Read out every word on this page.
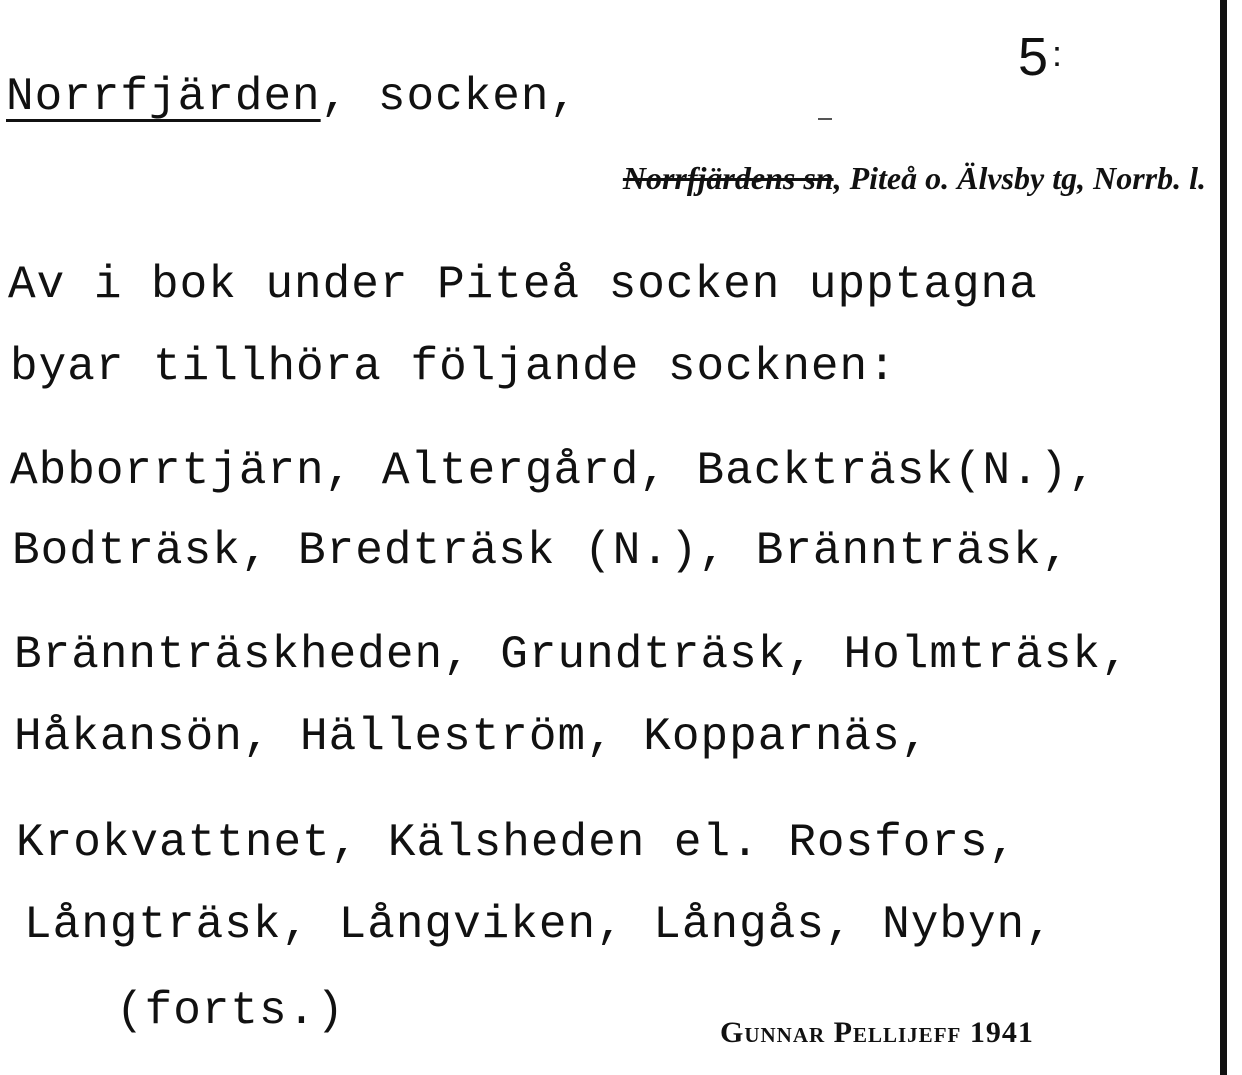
Norrfjärden, socken,
5 :
Norrfjärdens sn, Piteå o. Älvsby tg, Norrb. l.
Av i bok under Piteå socken upptagna
byar tillhöra följande socknen:
Abborrtjärn, Altergård, Backträsk(N.),
Bodträsk, Bredträsk (N.), Brännträsk,
Brännträskheden, Grundträsk, Holmträsk,
Håkansön, Hälleström, Kopparnäs,
Krokvattnet, Kälsheden el. Rosfors,
Långträsk, Långviken, Långås, Nybyn,
(forts.)	Gunnar Pellijeff 1941
